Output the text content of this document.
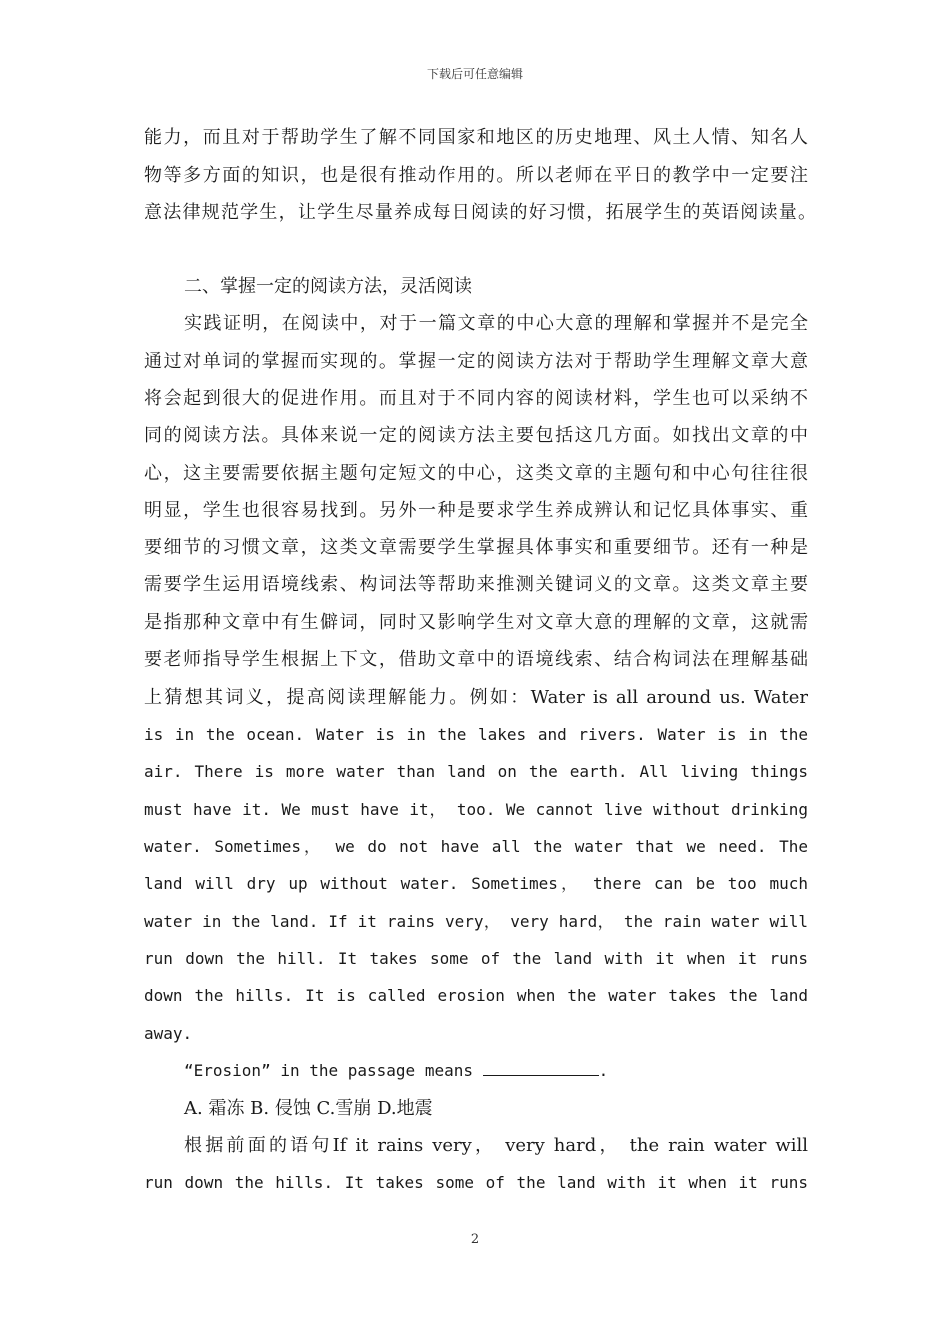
下载后可任意编辑
能力，而且对于帮助学生了解不同国家和地区的历史地理、风土人情、知名人
物等多方面的知识，也是很有推动作用的。所以老师在平日的教学中一定要注
意法律规范学生，让学生尽量养成每日阅读的好习惯，拓展学生的英语阅读量。
二、掌握一定的阅读方法，灵活阅读
实践证明，在阅读中，对于一篇文章的中心大意的理解和掌握并不是完全
通过对单词的掌握而实现的。掌握一定的阅读方法对于帮助学生理解文章大意
将会起到很大的促进作用。而且对于不同内容的阅读材料，学生也可以采纳不
同的阅读方法。具体来说一定的阅读方法主要包括这几方面。如找出文章的中
心，这主要需要依据主题句定短文的中心，这类文章的主题句和中心句往往很
明显，学生也很容易找到。另外一种是要求学生养成辨认和记忆具体事实、重
要细节的习惯文章，这类文章需要学生掌握具体事实和重要细节。还有一种是
需要学生运用语境线索、构词法等帮助来推测关键词义的文章。这类文章主要
是指那种文章中有生僻词，同时又影响学生对文章大意的理解的文章，这就需
要老师指导学生根据上下文，借助文章中的语境线索、结合构词法在理解基础
上猜想其词义，提高阅读理解能力。例如：Water is all around us. Water
is in the ocean. Water is in the lakes and rivers. Water is in the
air. There is more water than land on the earth. All living things
must have it. We must have it， too. We cannot live without drinking
water. Sometimes， we do not have all the water that we need. The
land will dry up without water. Sometimes， there can be too much
water in the land. If it rains very， very hard， the rain water will
run down the hill. It takes some of the land with it when it runs
down the hills. It is called erosion when the water takes the land
away.
“Erosion” in the passage means	.
A. 霜冻 B. 侵蚀 C.雪崩 D.地震
根据前面的语句If it rains very， very hard， the rain water will
run down the hills. It takes some of the land with it when it runs
2
